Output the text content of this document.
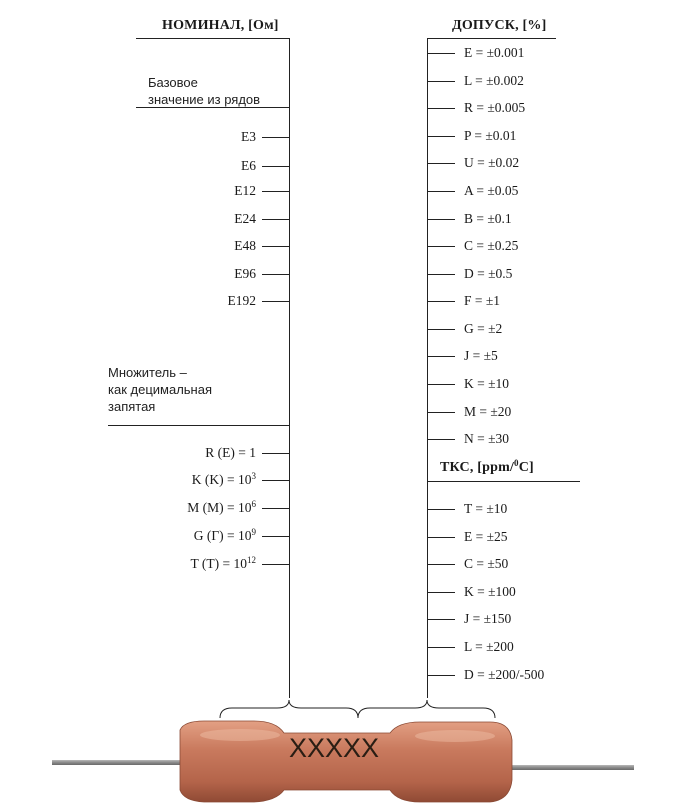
НОМИНАЛ, [Ом]	ДОПУСК, [%]
ТКС, [ppm/$^0$C]
Базовое
значение из рядов
Множитель –
как децимальная
запятая
E3
E6
E12
E24
E48
E96
E192
R (E) = 1
K $(K) = 10^3$
M $(M) = 10^6$
G $(Г) = 10^9$
T $(T) = 10^{12}$
E = ±0.001
L = ±0.002
R = ±0.005
P = ±0.01
U = ±0.02
A = ±0.05
B = ±0.1
C = ±0.25
D = ±0.5
F = ±1
G = ±2
J = ±5
K = ±10
M = ±20
N = ±30
T = ±10
E = ±25
C = ±50
K = ±100
J = ±150
L = ±200
D = ±200/-500
XXXXX
